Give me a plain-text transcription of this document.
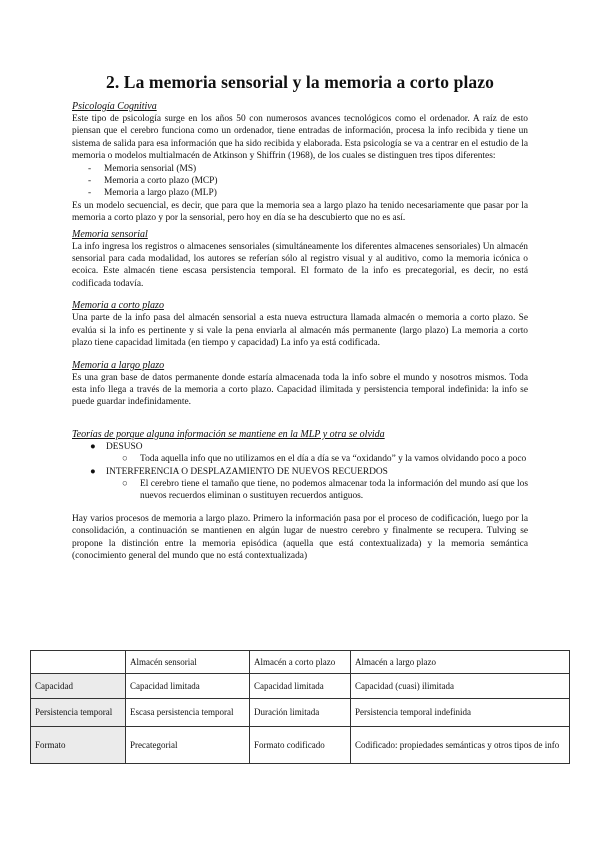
2. La memoria sensorial y la memoria a corto plazo
Psicología Cognitiva

Este tipo de psicología surge en los años 50 con numerosos avances tecnológicos como el ordenador. A raíz de esto piensan que el cerebro funciona como un ordenador, tiene entradas de información, procesa la info recibida y tiene un sistema de salida para esa información que ha sido recibida y elaborada. Esta psicología se va a centrar en el estudio de la memoria o modelos multialmacén de Atkinson y Shiffrin (1968), de los cuales se distinguen tres tipos diferentes:

- Memoria sensorial (MS)
- Memoria a corto plazo (MCP)
- Memoria a largo plazo (MLP)

Es un modelo secuencial, es decir, que para que la memoria sea a largo plazo ha tenido necesariamente que pasar por la memoria a corto plazo y por la sensorial, pero hoy en día se ha descubierto que no es así.

Memoria sensorial

La info ingresa los registros o almacenes sensoriales (simultáneamente los diferentes almacenes sensoriales) Un almacén sensorial para cada modalidad, los autores se referían sólo al registro visual y al auditivo, como la memoria icónica o ecoica. Este almacén tiene escasa persistencia temporal. El formato de la info es precategorial, es decir, no está codificada todavía.

Memoria a corto plazo

Una parte de la info pasa del almacén sensorial a esta nueva estructura llamada almacén o memoria a corto plazo. Se evalúa si la info es pertinente y si vale la pena enviarla al almacén más permanente (largo plazo) La memoria a corto plazo tiene capacidad limitada (en tiempo y capacidad) La info ya está codificada.

Memoria a largo plazo

Es una gran base de datos permanente donde estaría almacenada toda la info sobre el mundo y nosotros mismos. Toda esta info llega a través de la memoria a corto plazo. Capacidad ilimitada y persistencia temporal indefinida: la info se puede guardar indefinidamente.

Teorías de porque alguna información se mantiene en la MLP y otra se olvida
● DESUSO
○ Toda aquella info que no utilizamos en el día a día se va “oxidando” y la vamos olvidando poco a poco
● INTERFERENCIA O DESPLAZAMIENTO DE NUEVOS RECUERDOS
○ El cerebro tiene el tamaño que tiene, no podemos almacenar toda la información del mundo así que los nuevos recuerdos eliminan o sustituyen recuerdos antiguos.

Hay varios procesos de memoria a largo plazo. Primero la información pasa por el proceso de codificación, luego por la consolidación, a continuación se mantienen en algún lugar de nuestro cerebro y finalmente se recupera. Tulving se propone la distinción entre la memoria episódica (aquella que está contextualizada) y la memoria semántica (conocimiento general del mundo que no está contextualizada)

	Almacén sensorial	Almacén a corto plazo	Almacén a largo plazo
Capacidad	Capacidad limitada	Capacidad limitada	Capacidad (cuasi) ilimitada
Persistencia temporal	Escasa persistencia temporal	Duración limitada	Persistencia temporal indefinida
Formato	Precategorial	Formato codificado	Codificado: propiedades semánticas y otros tipos de info
